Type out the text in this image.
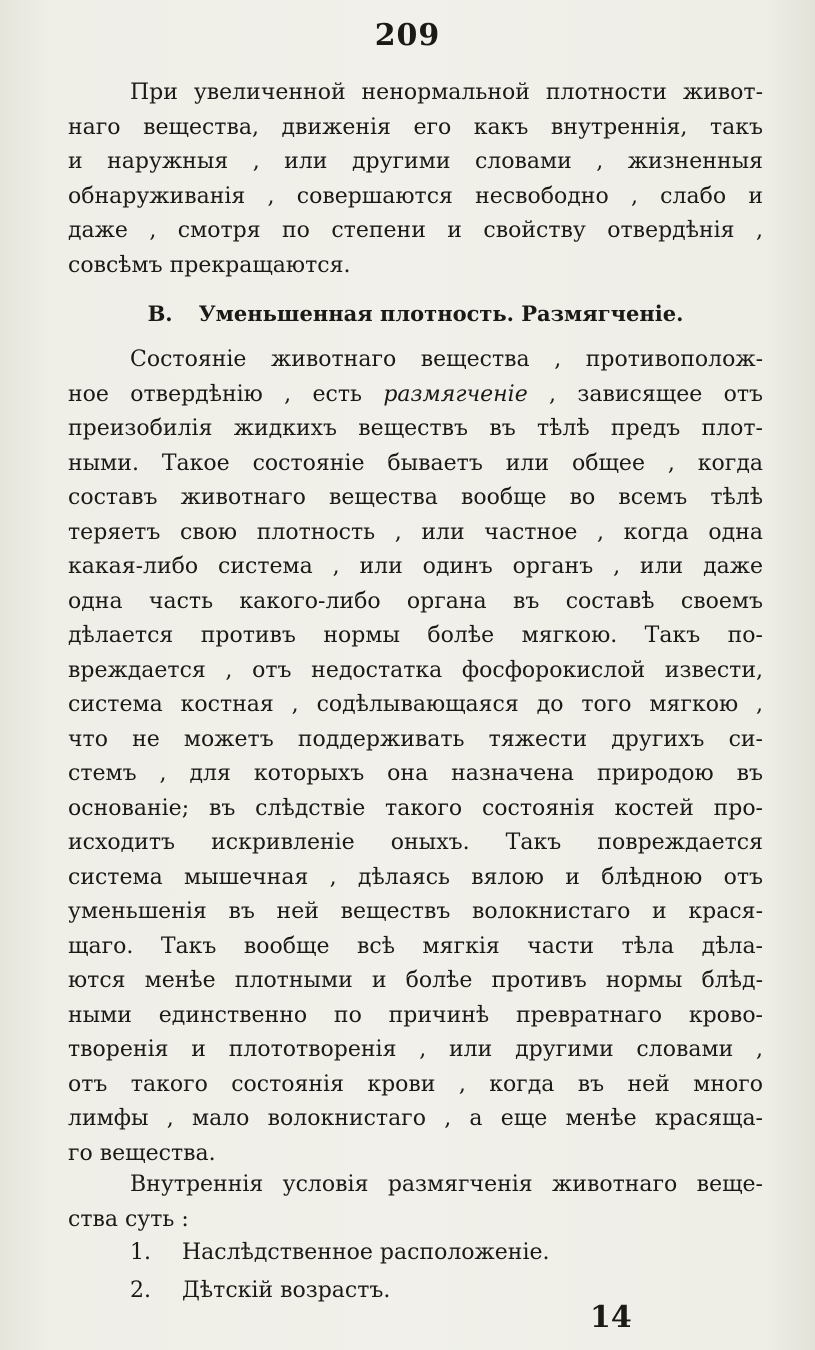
209
При увеличенной ненормальной плотности живот-
наго вещества, движенія его какъ внутреннія, такъ
и наружныя , или другими словами , жизненныя
обнаруживанія , совершаются несвободно , слабо и
даже , смотря по степени и свойству отвердѣнія ,
совсѣмъ прекращаются.
B. Уменьшенная плотность. Размягченіе.
Состояніе животнаго вещества , противополож-
ное отвердѣнію , есть размягченіе , зависящее отъ
преизобилія жидкихъ веществъ въ тѣлѣ предъ плот-
ными. Такое состояніе бываетъ или общее , когда
составъ животнаго вещества вообще во всемъ тѣлѣ
теряетъ свою плотность , или частное , когда одна
какая-либо система , или одинъ органъ , или даже
одна часть какого-либо органа въ составѣ своемъ
дѣлается противъ нормы болѣе мягкою. Такъ по-
вреждается , отъ недостатка фосфорокислой извести,
система костная , содѣлывающаяся до того мягкою ,
что не можетъ поддерживать тяжести другихъ си-
стемъ , для которыхъ она назначена природою въ
основаніе; въ слѣдствіе такого состоянія костей про-
исходитъ искривленіе оныхъ. Такъ повреждается
система мышечная , дѣлаясь вялою и блѣдною отъ
уменьшенія въ ней веществъ волокнистаго и крася-
щаго. Такъ вообще всѣ мягкія части тѣла дѣла-
ются менѣе плотными и болѣе противъ нормы блѣд-
ными единственно по причинѣ превратнаго крово-
творенія и плототворенія , или другими словами ,
отъ такого состоянія крови , когда въ ней много
лимфы , мало волокнистаго , а еще менѣе красяща-
го вещества.
Внутреннія условія размягченія животнаго веще-
ства суть :
1. Наслѣдственное расположеніе.
2. Дѣтскій возрастъ.
14
